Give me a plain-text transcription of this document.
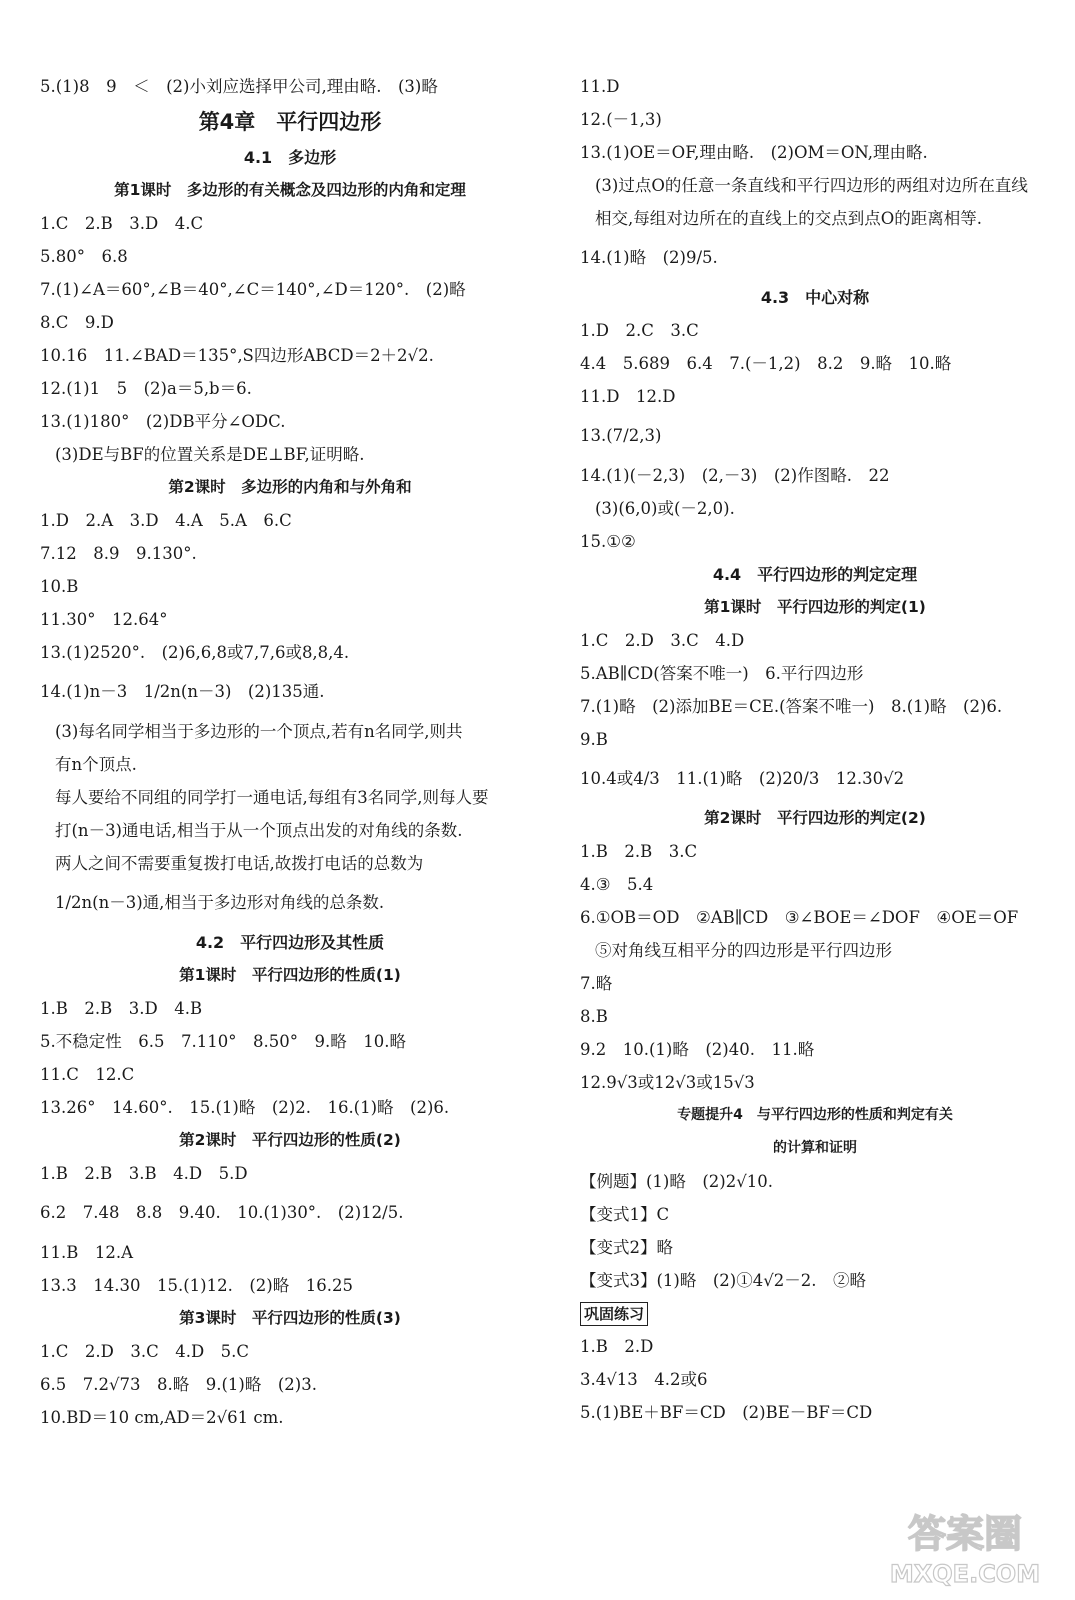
5.(1)8　9　＜　(2)小刘应选择甲公司,理由略.　(3)略
第4章　平行四边形
4.1　多边形
第1课时　多边形的有关概念及四边形的内角和定理
1.C　2.B　3.D　4.C
5.80°　6.8
7.(1)∠A＝60°,∠B＝40°,∠C＝140°,∠D＝120°.　(2)略
8.C　9.D
10.16　11.∠BAD＝135°,S四边形ABCD＝2＋2√2.
12.(1)1　5　(2)a＝5,b＝6.
13.(1)180°　(2)DB平分∠ODC.
(3)DE与BF的位置关系是DE⊥BF,证明略.
第2课时　多边形的内角和与外角和
1.D　2.A　3.D　4.A　5.A　6.C
7.12　8.9　9.130°.
10.B
11.30°　12.64°
13.(1)2520°.　(2)6,6,8或7,7,6或8,8,4.
14.(1)n－3　1/2n(n－3)　(2)135通.
(3)每名同学相当于多边形的一个顶点,若有n名同学,则共
有n个顶点.
每人要给不同组的同学打一通电话,每组有3名同学,则每人要
打(n－3)通电话,相当于从一个顶点出发的对角线的条数.
两人之间不需要重复拨打电话,故拨打电话的总数为
1/2n(n－3)通,相当于多边形对角线的总条数.
4.2　平行四边形及其性质
第1课时　平行四边形的性质(1)
1.B　2.B　3.D　4.B
5.不稳定性　6.5　7.110°　8.50°　9.略　10.略
11.C　12.C
13.26°　14.60°.　15.(1)略　(2)2.　16.(1)略　(2)6.
第2课时　平行四边形的性质(2)
1.B　2.B　3.B　4.D　5.D
6.2　7.48　8.8　9.40.　10.(1)30°.　(2)12/5.
11.B　12.A
13.3　14.30　15.(1)12.　(2)略　16.25
第3课时　平行四边形的性质(3)
1.C　2.D　3.C　4.D　5.C
6.5　7.2√73　8.略　9.(1)略　(2)3.
10.BD＝10 cm,AD＝2√61 cm.
11.D
12.(－1,3)
13.(1)OE＝OF,理由略.　(2)OM＝ON,理由略.
(3)过点O的任意一条直线和平行四边形的两组对边所在直线
相交,每组对边所在的直线上的交点到点O的距离相等.
14.(1)略　(2)9/5.
4.3　中心对称
1.D　2.C　3.C
4.4　5.689　6.4　7.(－1,2)　8.2　9.略　10.略
11.D　12.D
13.(7/2,3)
14.(1)(－2,3)　(2,－3)　(2)作图略.　22
(3)(6,0)或(－2,0).
15.①②
4.4　平行四边形的判定定理
第1课时　平行四边形的判定(1)
1.C　2.D　3.C　4.D
5.AB∥CD(答案不唯一)　6.平行四边形
7.(1)略　(2)添加BE＝CE.(答案不唯一)　8.(1)略　(2)6.
9.B
10.4或4/3　11.(1)略　(2)20/3　12.30√2
第2课时　平行四边形的判定(2)
1.B　2.B　3.C
4.③　5.4
6.①OB＝OD　②AB∥CD　③∠BOE＝∠DOF　④OE＝OF
⑤对角线互相平分的四边形是平行四边形
7.略
8.B
9.2　10.(1)略　(2)40.　11.略
12.9√3或12√3或15√3
专题提升4　与平行四边形的性质和判定有关
的计算和证明
【例题】(1)略　(2)2√10.
【变式1】C
【变式2】略
【变式3】(1)略　(2)①4√2－2.　②略
巩固练习
1.B　2.D
3.4√13　4.2或6
5.(1)BE＋BF＝CD　(2)BE－BF＝CD
答案圈
MXQE.COM
